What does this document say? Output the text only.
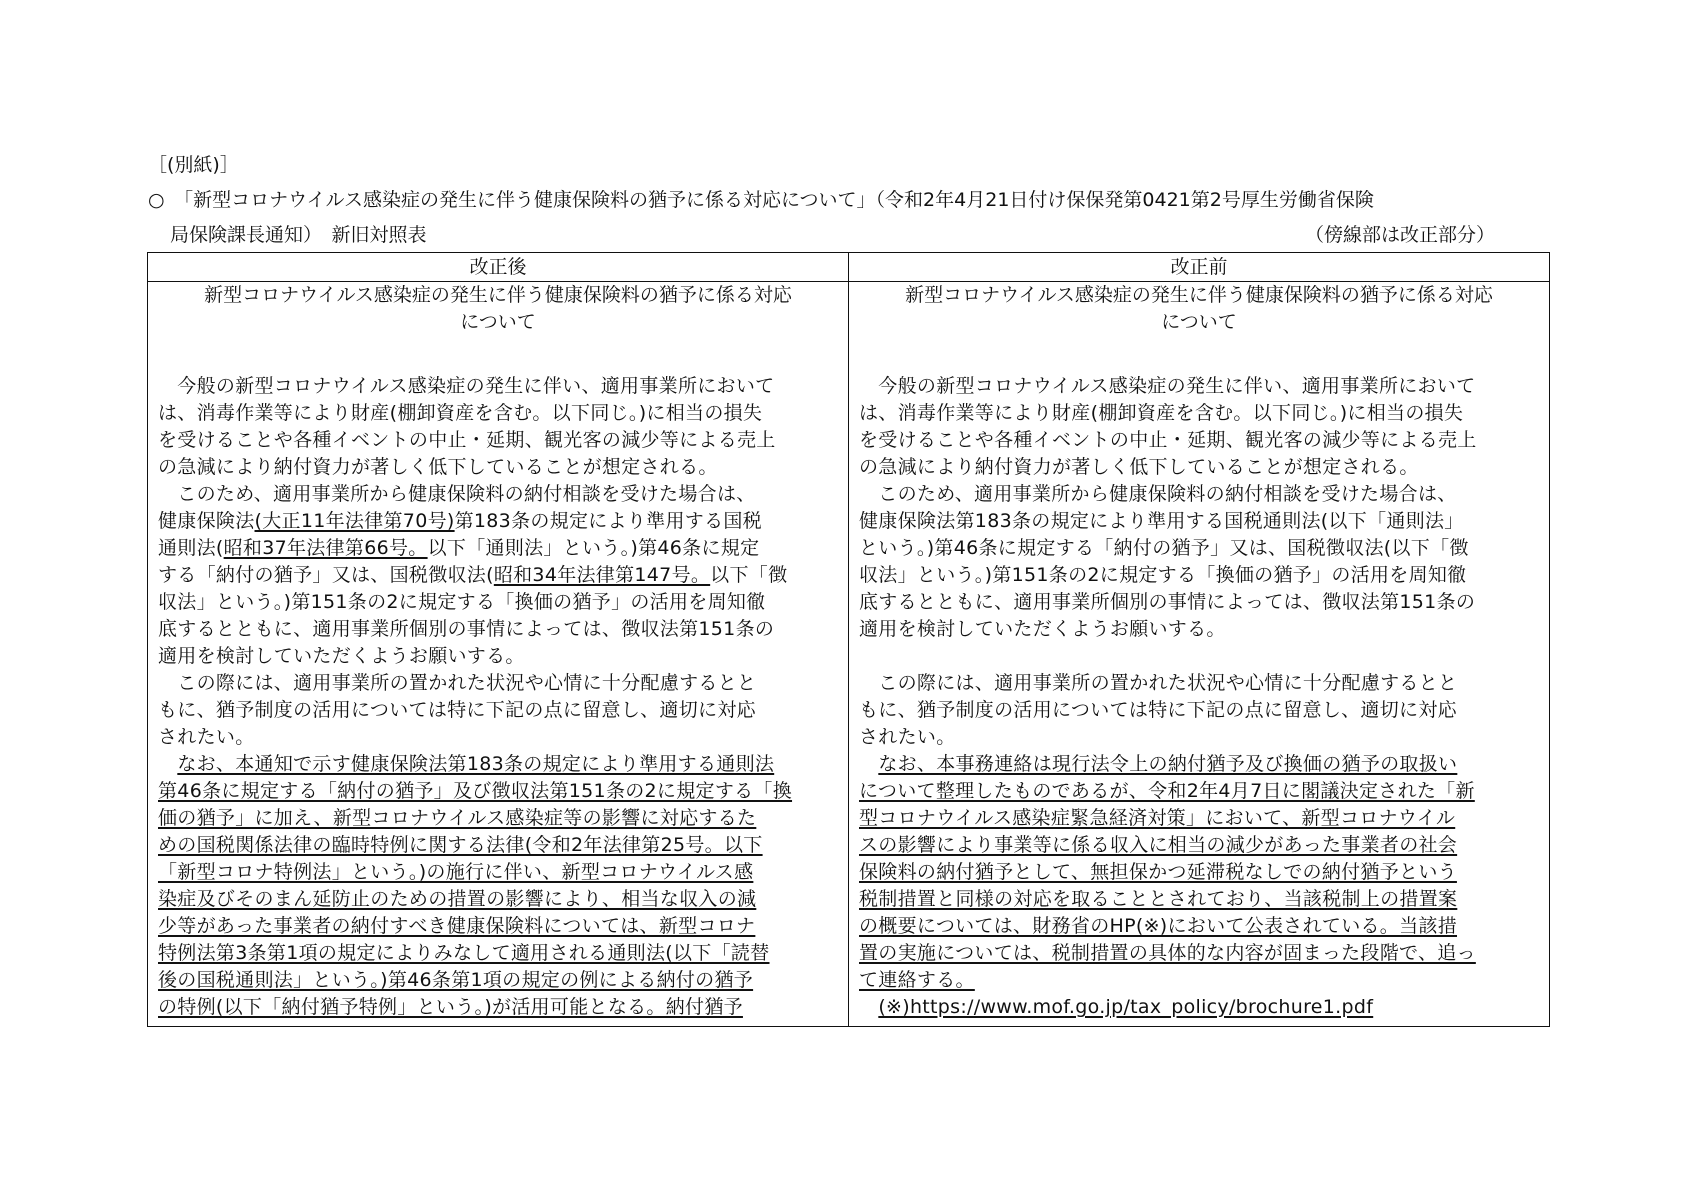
［(別紙)］
○　「新型コロナウイルス感染症の発生に伴う健康保険料の猶予に係る対応について」（令和2年4月21日付け保保発第0421第2号厚生労働省保険
局保険課長通知）　新旧対照表	（傍線部は改正部分）
改正後	改正前
新型コロナウイルス感染症の発生に伴う健康保険料の猶予に係る対応
について
　今般の新型コロナウイルス感染症の発生に伴い、適用事業所において
は、消毒作業等により財産(棚卸資産を含む。以下同じ。)に相当の損失
を受けることや各種イベントの中止・延期、観光客の減少等による売上
の急減により納付資力が著しく低下していることが想定される。
　このため、適用事業所から健康保険料の納付相談を受けた場合は、
健康保険法(大正11年法律第70号)第183条の規定により準用する国税
通則法(昭和37年法律第66号。以下「通則法」という。)第46条に規定
する「納付の猶予」又は、国税徴収法(昭和34年法律第147号。以下「徴
収法」という。)第151条の2に規定する「換価の猶予」の活用を周知徹
底するとともに、適用事業所個別の事情によっては、徴収法第151条の
適用を検討していただくようお願いする。
　この際には、適用事業所の置かれた状況や心情に十分配慮するとと
もに、猶予制度の活用については特に下記の点に留意し、適切に対応
されたい。
　なお、本通知で示す健康保険法第183条の規定により準用する通則法
第46条に規定する「納付の猶予」及び徴収法第151条の2に規定する「換
価の猶予」に加え、新型コロナウイルス感染症等の影響に対応するた
めの国税関係法律の臨時特例に関する法律(令和2年法律第25号。以下
「新型コロナ特例法」という。)の施行に伴い、新型コロナウイルス感
染症及びそのまん延防止のための措置の影響により、相当な収入の減
少等があった事業者の納付すべき健康保険料については、新型コロナ
特例法第3条第1項の規定によりみなして適用される通則法(以下「読替
後の国税通則法」という。)第46条第1項の規定の例による納付の猶予
の特例(以下「納付猶予特例」という。)が活用可能となる。納付猶予
新型コロナウイルス感染症の発生に伴う健康保険料の猶予に係る対応
について
　今般の新型コロナウイルス感染症の発生に伴い、適用事業所において
は、消毒作業等により財産(棚卸資産を含む。以下同じ。)に相当の損失
を受けることや各種イベントの中止・延期、観光客の減少等による売上
の急減により納付資力が著しく低下していることが想定される。
　このため、適用事業所から健康保険料の納付相談を受けた場合は、
健康保険法第183条の規定により準用する国税通則法(以下「通則法」
という。)第46条に規定する「納付の猶予」又は、国税徴収法(以下「徴
収法」という。)第151条の2に規定する「換価の猶予」の活用を周知徹
底するとともに、適用事業所個別の事情によっては、徴収法第151条の
適用を検討していただくようお願いする。
　この際には、適用事業所の置かれた状況や心情に十分配慮するとと
もに、猶予制度の活用については特に下記の点に留意し、適切に対応
されたい。
　なお、本事務連絡は現行法令上の納付猶予及び換価の猶予の取扱い
について整理したものであるが、令和2年4月7日に閣議決定された「新
型コロナウイルス感染症緊急経済対策」において、新型コロナウイル
スの影響により事業等に係る収入に相当の減少があった事業者の社会
保険料の納付猶予として、無担保かつ延滞税なしでの納付猶予という
税制措置と同様の対応を取ることとされており、当該税制上の措置案
の概要については、財務省のHP(※)において公表されている。当該措
置の実施については、税制措置の具体的な内容が固まった段階で、追っ
て連絡する。
　(※)https://www.mof.go.jp/tax_policy/brochure1.pdf
